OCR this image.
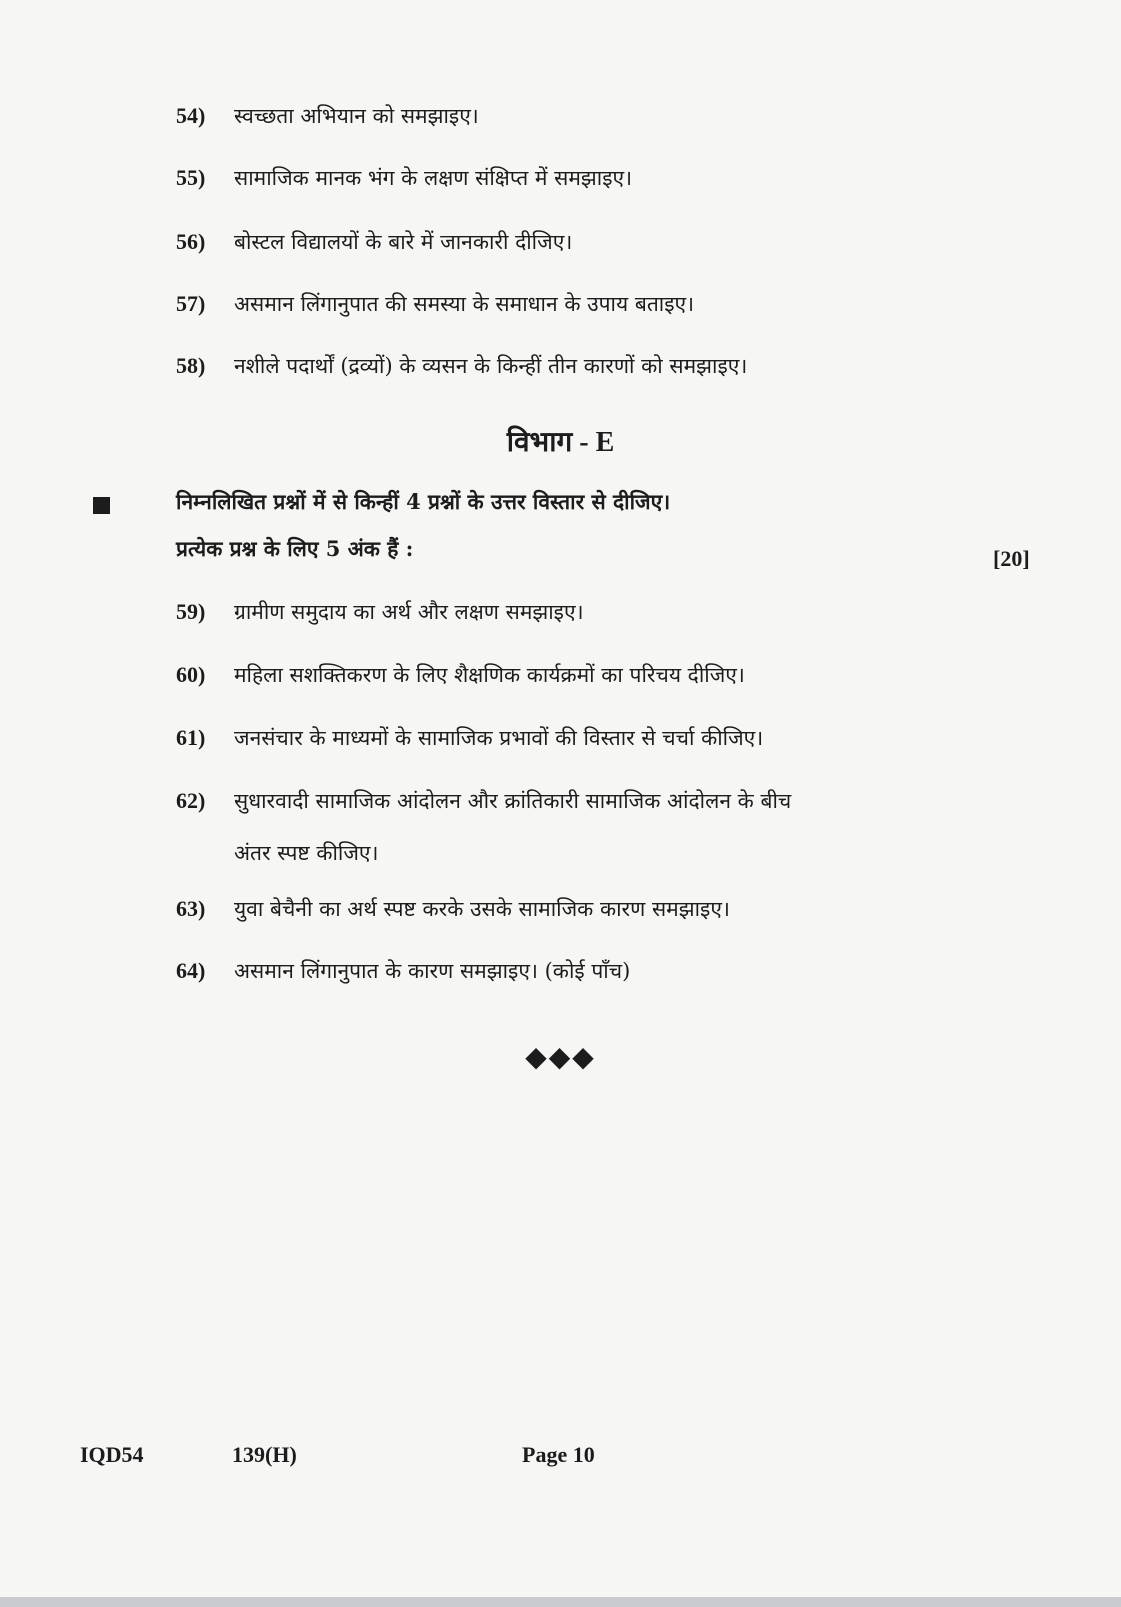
54) स्वच्छता अभियान को समझाइए।
55) सामाजिक मानक भंग के लक्षण संक्षिप्त में समझाइए।
56) बोस्टल विद्यालयों के बारे में जानकारी दीजिए।
57) असमान लिंगानुपात की समस्या के समाधान के उपाय बताइए।
58) नशीले पदार्थों (द्रव्यों) के व्यसन के किन्हीं तीन कारणों को समझाइए।
विभाग - E
निम्नलिखित प्रश्नों में से किन्हीं 4 प्रश्नों के उत्तर विस्तार से दीजिए।
प्रत्येक प्रश्न के लिए 5 अंक हैं :	[20]
59) ग्रामीण समुदाय का अर्थ और लक्षण समझाइए।
60) महिला सशक्तिकरण के लिए शैक्षणिक कार्यक्रमों का परिचय दीजिए।
61) जनसंचार के माध्यमों के सामाजिक प्रभावों की विस्तार से चर्चा कीजिए।
62) सुधारवादी सामाजिक आंदोलन और क्रांतिकारी सामाजिक आंदोलन के बीच
अंतर स्पष्ट कीजिए।
63) युवा बेचैनी का अर्थ स्पष्ट करके उसके सामाजिक कारण समझाइए।
64) असमान लिंगानुपात के कारण समझाइए। (कोई पाँच)
◆◆◆
IQD54	139(H)	Page 10
